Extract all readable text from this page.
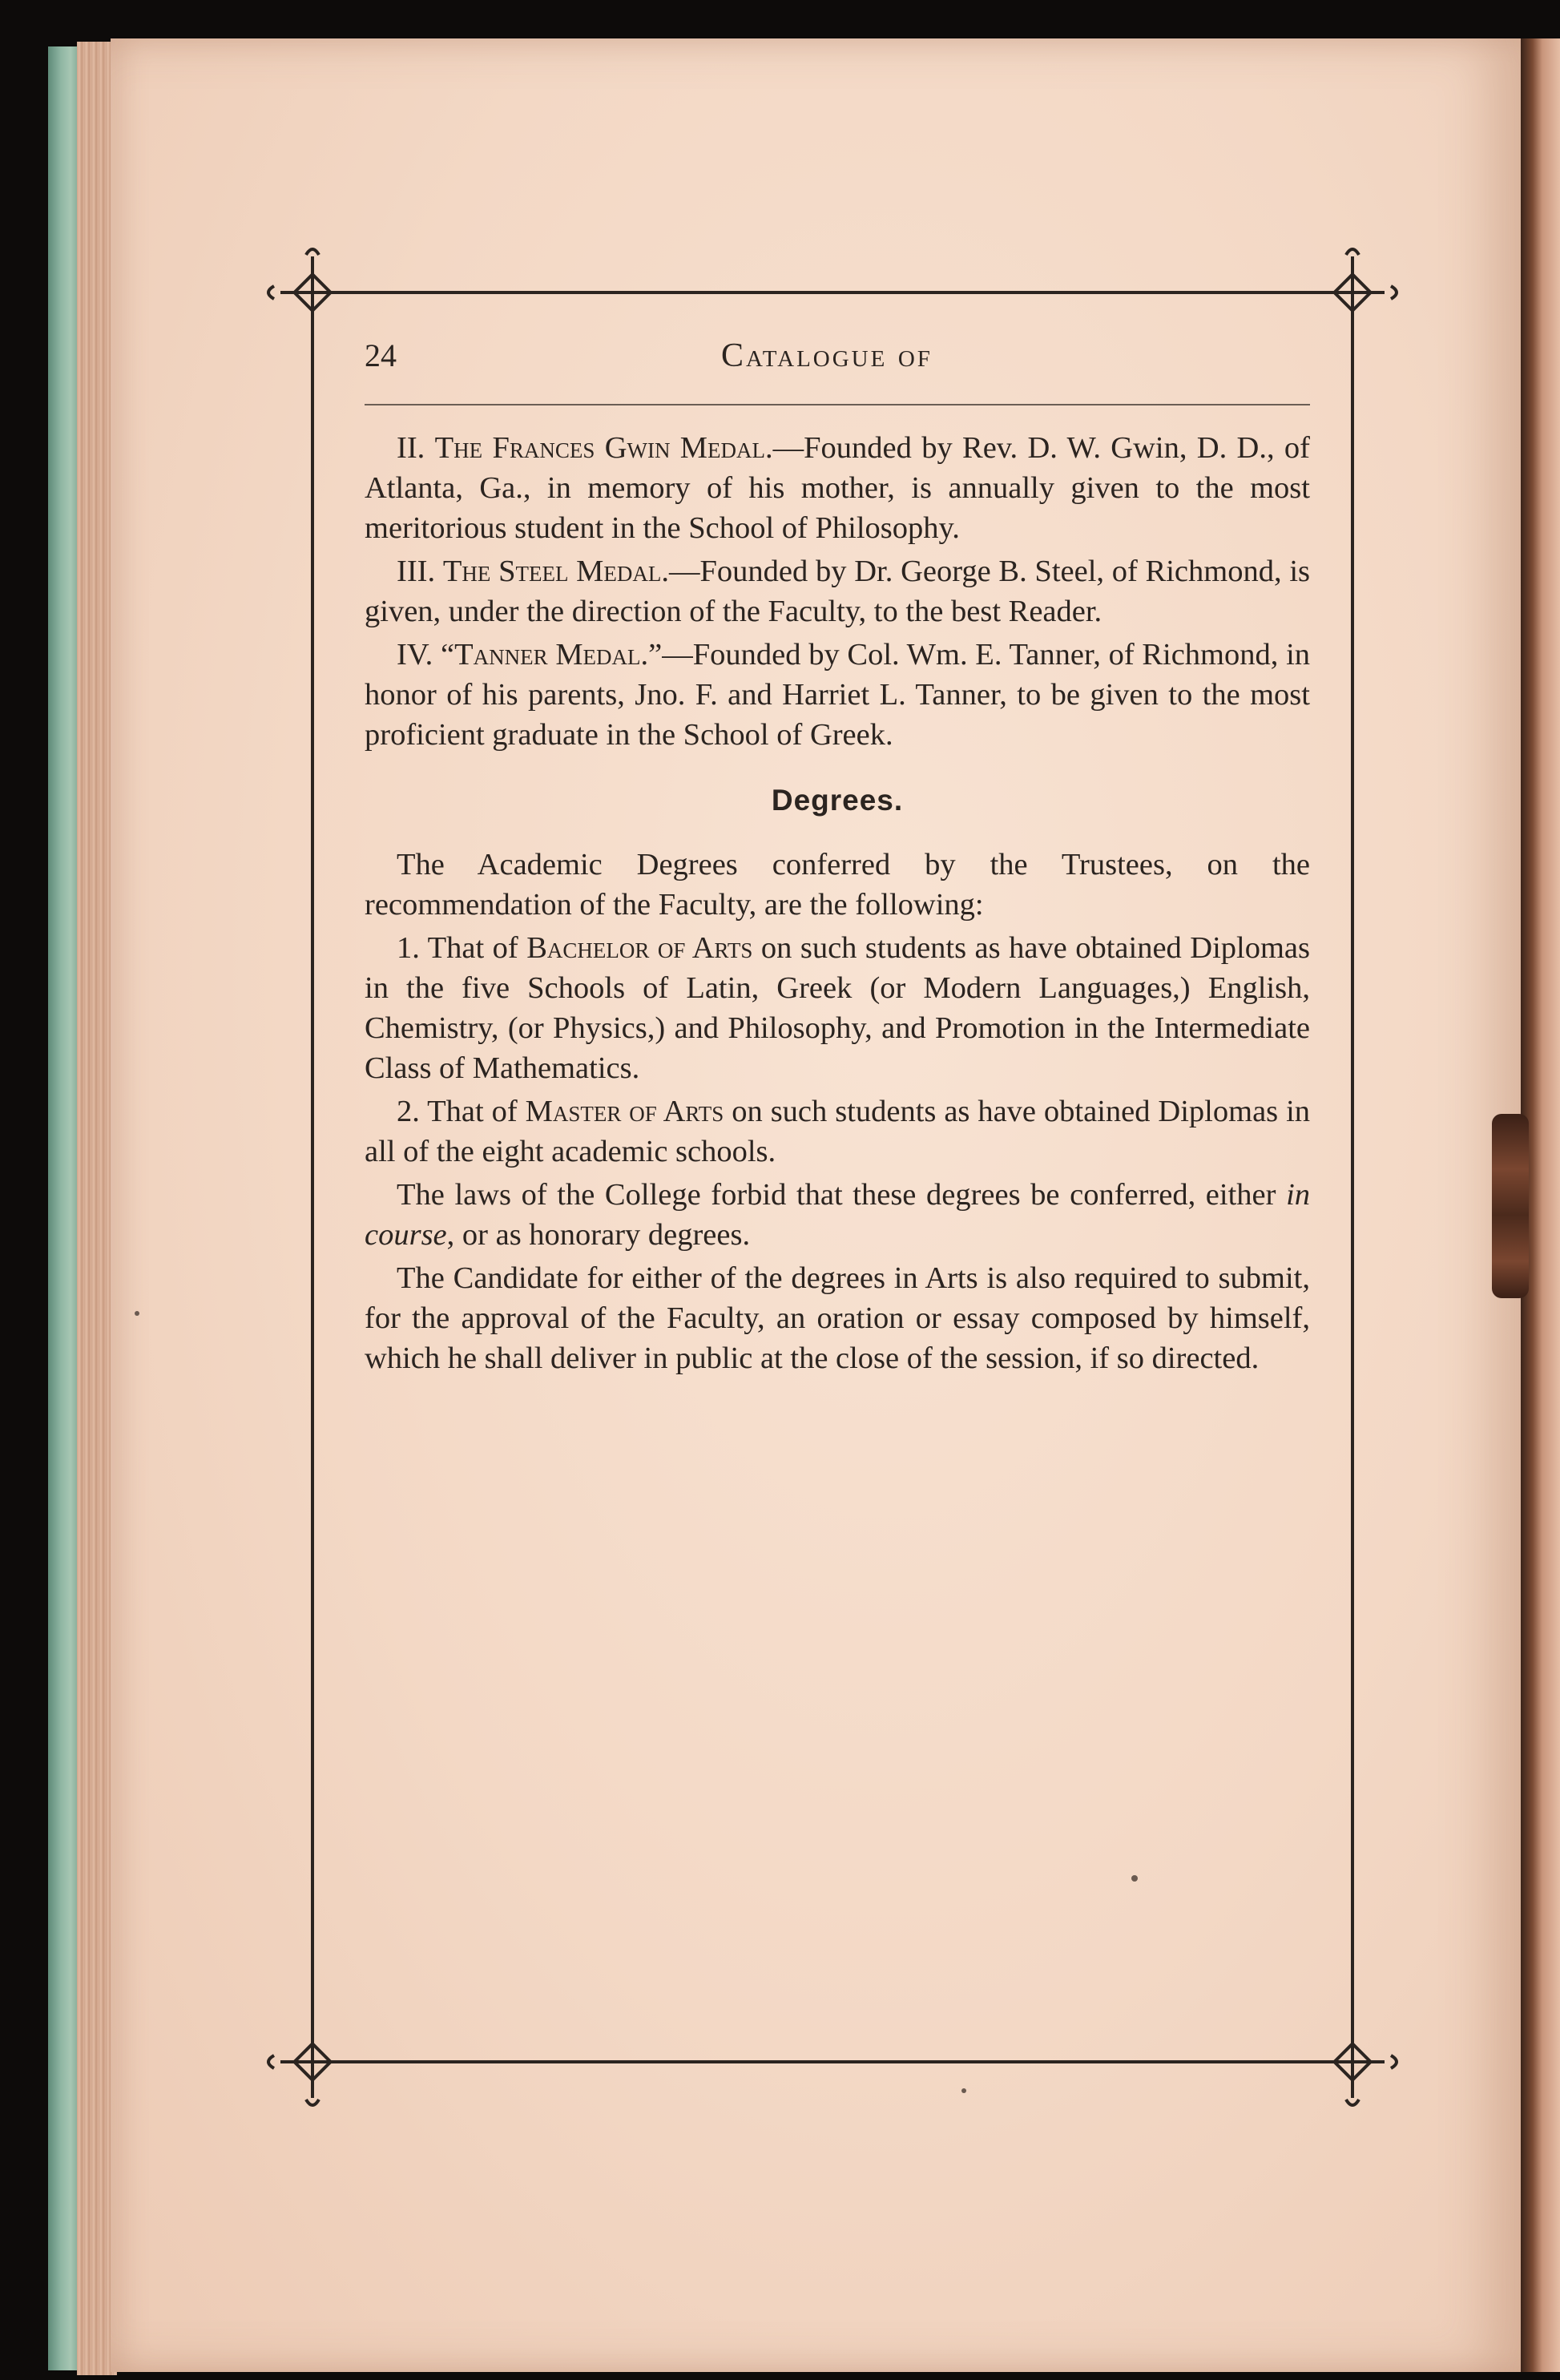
24	Catalogue of

II. The Frances Gwin Medal.—Founded by Rev. D. W. Gwin, D. D., of Atlanta, Ga., in memory of his mother, is annually given to the most meritorious student in the School of Philosophy.

III. The Steel Medal.—Founded by Dr. George B. Steel, of Richmond, is given, under the direction of the Faculty, to the best Reader.

IV. “Tanner Medal.”—Founded by Col. Wm. E. Tanner, of Richmond, in honor of his parents, Jno. F. and Harriet L. Tanner, to be given to the most proficient graduate in the School of Greek.

Degrees.

The Academic Degrees conferred by the Trustees, on the recommendation of the Faculty, are the following:

1. That of Bachelor of Arts on such students as have obtained Diplomas in the five Schools of Latin, Greek (or Modern Languages,) English, Chemistry, (or Physics,) and Philosophy, and Promotion in the Intermediate Class of Mathematics.

2. That of Master of Arts on such students as have obtained Diplomas in all of the eight academic schools.

The laws of the College forbid that these degrees be conferred, either in course, or as honorary degrees.

The Candidate for either of the degrees in Arts is also required to submit, for the approval of the Faculty, an oration or essay composed by himself, which he shall deliver in public at the close of the session, if so directed.
